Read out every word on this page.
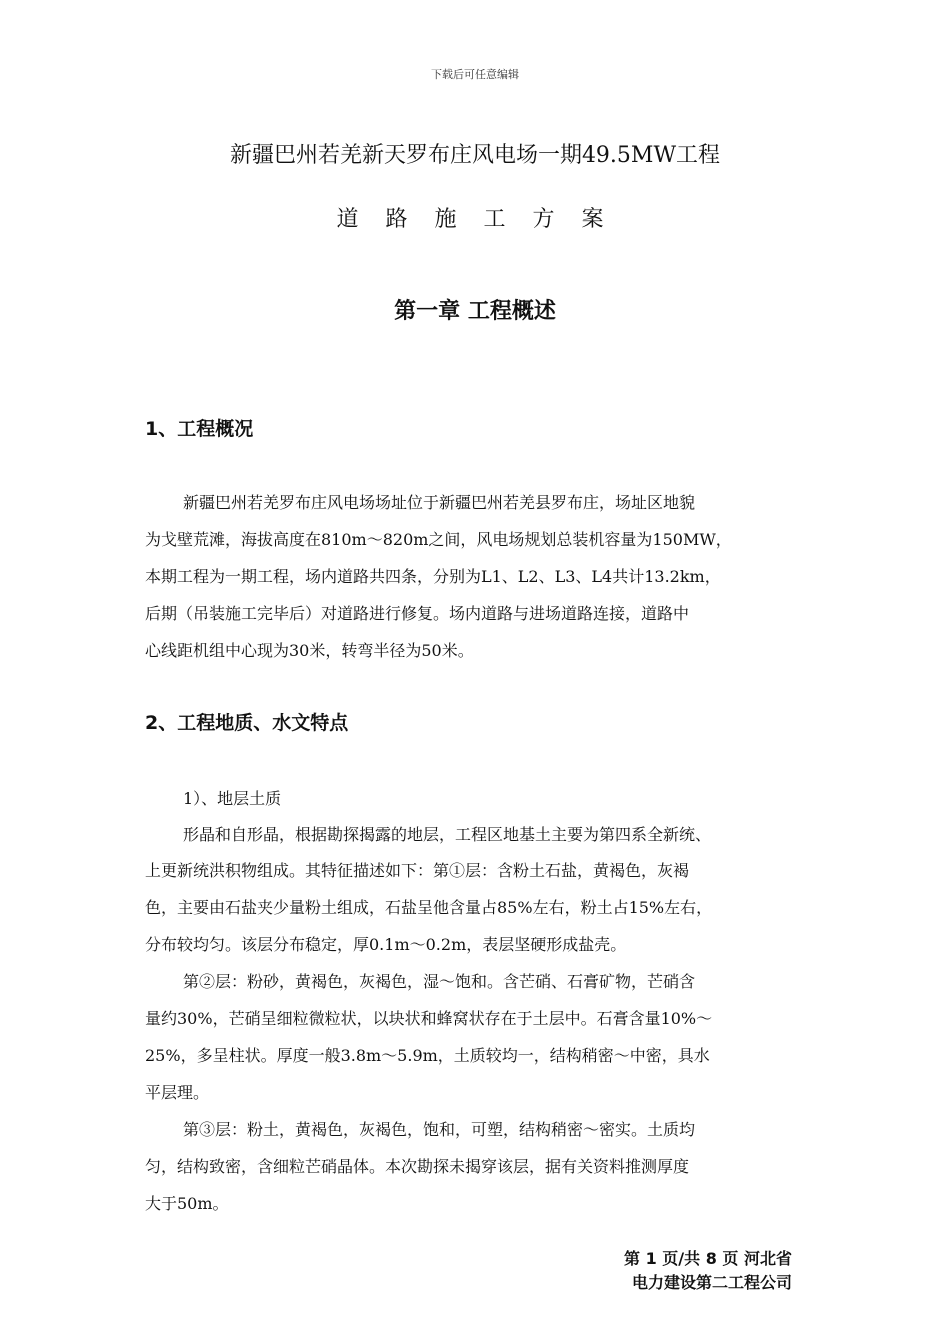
下载后可任意编辑
新疆巴州若羌新天罗布庄风电场一期49.5MW工程
道 路 施 工 方 案
第一章 工程概述
1、工程概况
新疆巴州若羌罗布庄风电场场址位于新疆巴州若羌县罗布庄，场址区地貌
为戈壁荒滩，海拔高度在810m～820m之间，风电场规划总装机容量为150MW，
本期工程为一期工程，场内道路共四条，分别为L1、L2、L3、L4共计13.2km，
后期（吊装施工完毕后）对道路进行修复。场内道路与进场道路连接，道路中
心线距机组中心现为30米，转弯半径为50米。
2、工程地质、水文特点
1）、地层土质
形晶和自形晶，根据勘探揭露的地层，工程区地基土主要为第四系全新统、
上更新统洪积物组成。其特征描述如下：第①层：含粉土石盐，黄褐色，灰褐
色，主要由石盐夹少量粉土组成，石盐呈他含量占85%左右，粉土占15%左右，
分布较均匀。该层分布稳定，厚0.1m～0.2m，表层坚硬形成盐壳。
第②层：粉砂，黄褐色，灰褐色，湿～饱和。含芒硝、石膏矿物，芒硝含
量约30%，芒硝呈细粒微粒状，以块状和蜂窝状存在于土层中。石膏含量10%～
25%，多呈柱状。厚度一般3.8m～5.9m，土质较均一，结构稍密～中密，具水
平层理。
第③层：粉土，黄褐色，灰褐色，饱和，可塑，结构稍密～密实。土质均
匀，结构致密，含细粒芒硝晶体。本次勘探未揭穿该层，据有关资料推测厚度
大于50m。
第 1 页/共 8 页 河北省
电力建设第二工程公司
